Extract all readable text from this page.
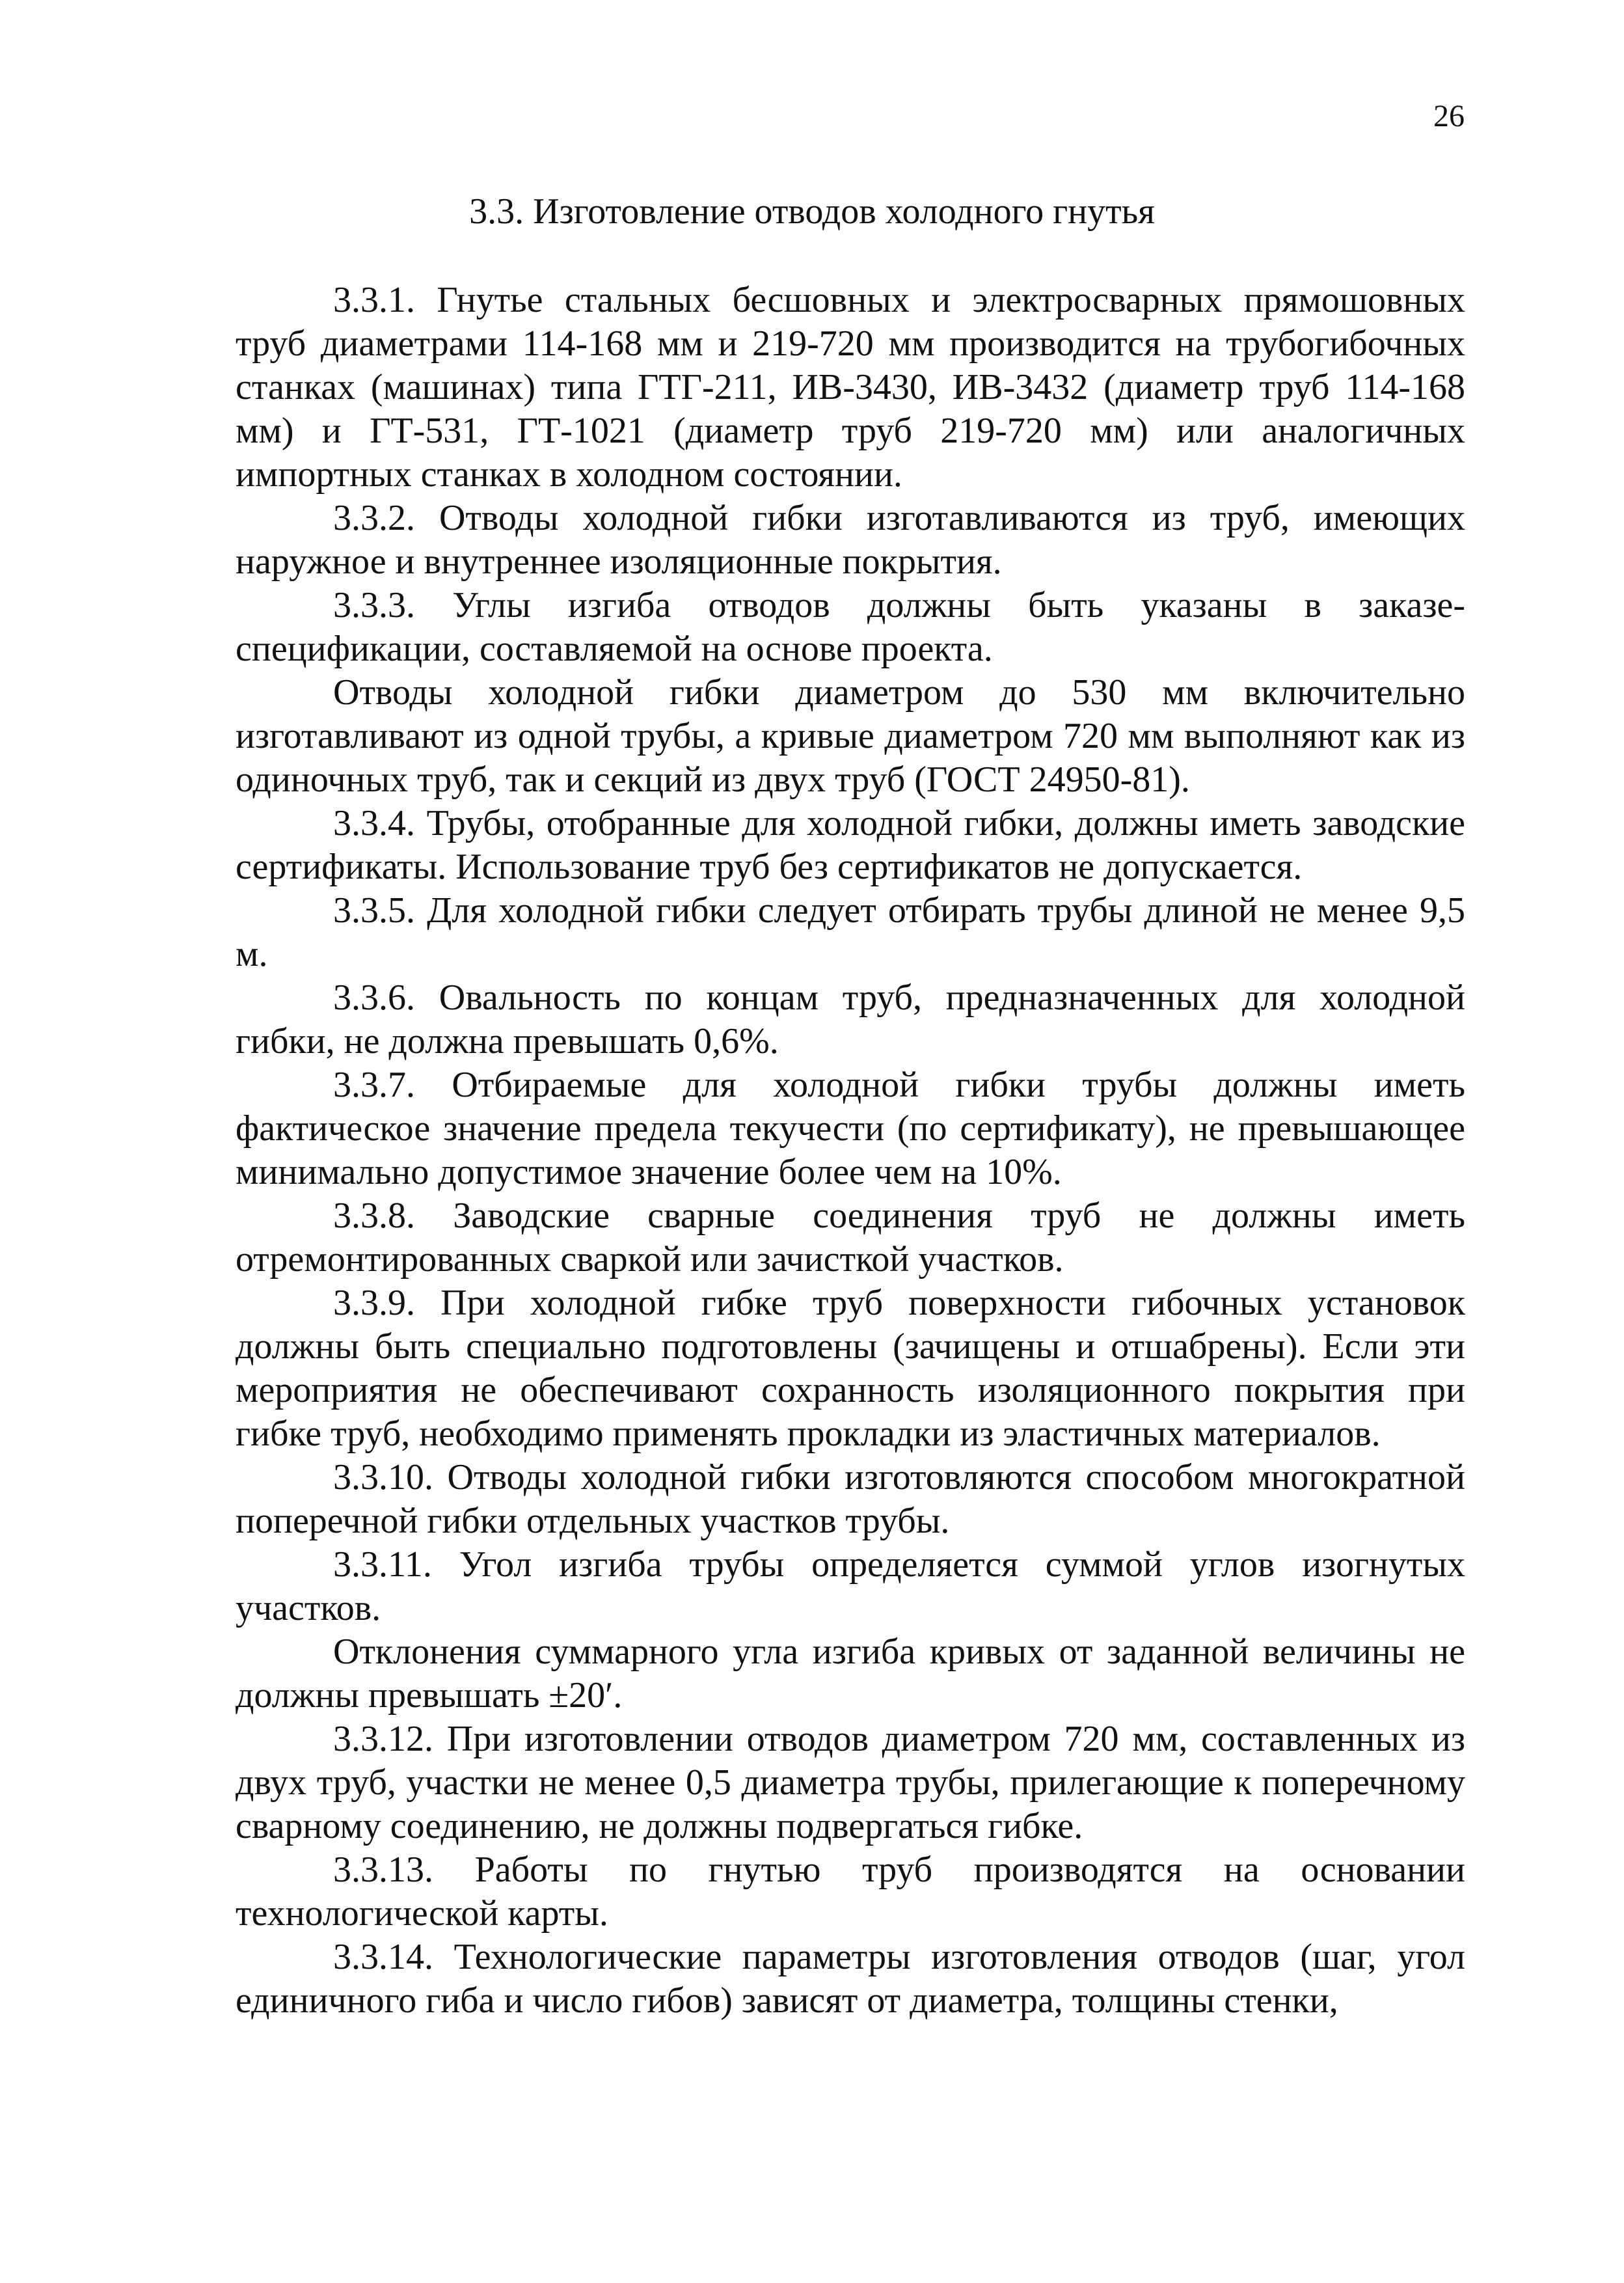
26
3.3. Изготовление отводов холодного гнутья

3.3.1. Гнутье стальных бесшовных и электросварных прямошовных труб диаметрами 114-168 мм и 219-720 мм производится на трубогибочных станках (машинах) типа ГТГ-211, ИВ-3430, ИВ-3432 (диаметр труб 114-168 мм) и ГТ-531, ГТ-1021 (диаметр труб 219-720 мм) или аналогичных импортных станках в холодном состоянии.

3.3.2. Отводы холодной гибки изготавливаются из труб, имеющих наружное и внутреннее изоляционные покрытия.

3.3.3. Углы изгиба отводов должны быть указаны в заказе-спецификации, составляемой на основе проекта.

Отводы холодной гибки диаметром до 530 мм включительно изготавливают из одной трубы, а кривые диаметром 720 мм выполняют как из одиночных труб, так и секций из двух труб (ГОСТ 24950-81).

3.3.4. Трубы, отобранные для холодной гибки, должны иметь заводские сертификаты. Использование труб без сертификатов не допускается.

3.3.5. Для холодной гибки следует отбирать трубы длиной не менее 9,5 м.

3.3.6. Овальность по концам труб, предназначенных для холодной гибки, не должна превышать 0,6%.

3.3.7. Отбираемые для холодной гибки трубы должны иметь фактическое значение предела текучести (по сертификату), не превышающее минимально допустимое значение более чем на 10%.

3.3.8. Заводские сварные соединения труб не должны иметь отремонтированных сваркой или зачисткой участков.

3.3.9. При холодной гибке труб поверхности гибочных установок должны быть специально подготовлены (зачищены и отшабрены). Если эти мероприятия не обеспечивают сохранность изоляционного покрытия при гибке труб, необходимо применять прокладки из эластичных материалов.

3.3.10. Отводы холодной гибки изготовляются способом многократной поперечной гибки отдельных участков трубы.

3.3.11. Угол изгиба трубы определяется суммой углов изогнутых участков.

Отклонения суммарного угла изгиба кривых от заданной величины не должны превышать ±20′.

3.3.12. При изготовлении отводов диаметром 720 мм, составленных из двух труб, участки не менее 0,5 диаметра трубы, прилегающие к поперечному сварному соединению, не должны подвергаться гибке.

3.3.13. Работы по гнутью труб производятся на основании технологической карты.

3.3.14. Технологические параметры изготовления отводов (шаг, угол единичного гиба и число гибов) зависят от диаметра, толщины стенки,
